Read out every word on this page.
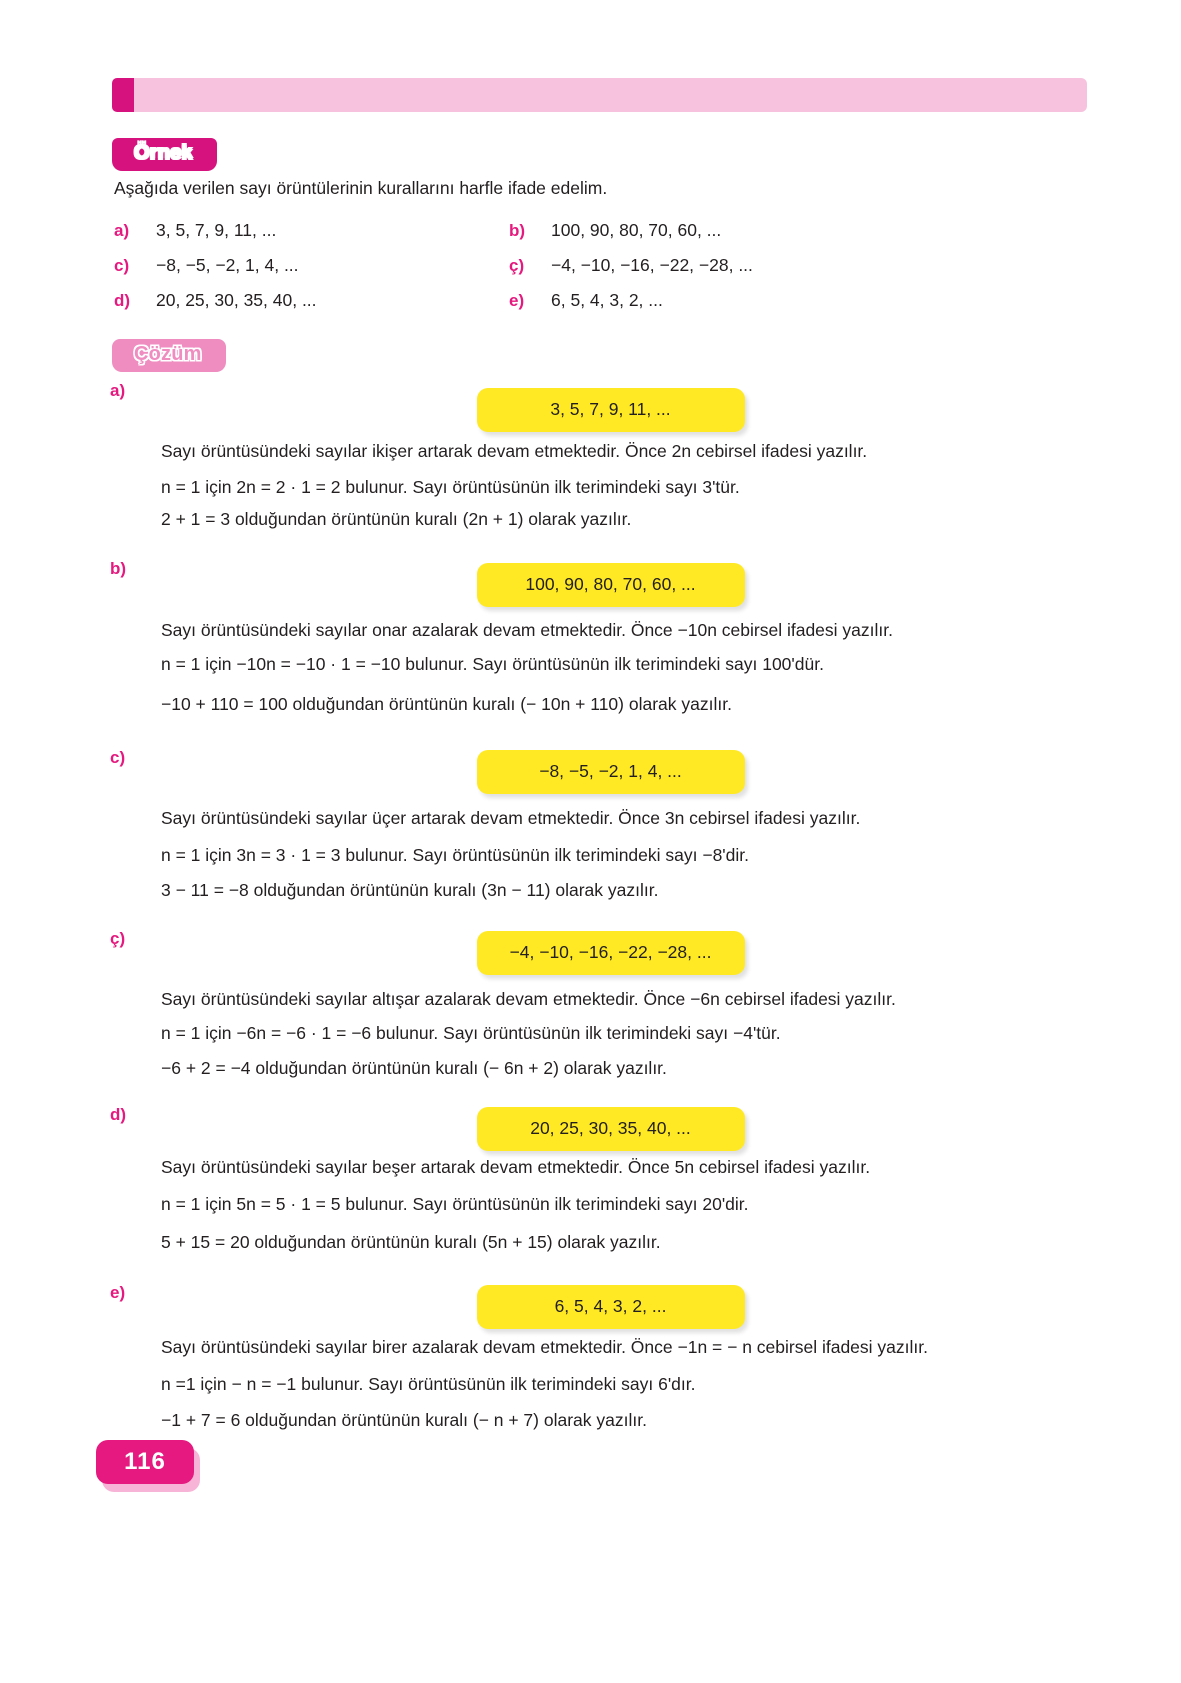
Örnek
Aşağıda verilen sayı örüntülerinin kurallarını harfle ifade edelim.
a)	3, 5, 7, 9, 11, ...	b)	100, 90, 80, 70, 60, ...
c)	−8, −5, −2, 1, 4, ...	ç)	−4, −10, −16, −22, −28, ...
d)	20, 25, 30, 35, 40, ...	e)	6, 5, 4, 3, 2, ...
Çözüm
a)
3, 5, 7, 9, 11, ...
Sayı örüntüsündeki sayılar ikişer artarak devam etmektedir. Önce 2n cebirsel ifadesi yazılır.
n = 1 için 2n = 2 · 1 = 2 bulunur. Sayı örüntüsünün ilk terimindeki sayı 3'tür.
2 + 1 = 3 olduğundan örüntünün kuralı (2n + 1) olarak yazılır.
b)
100, 90, 80, 70, 60, ...
Sayı örüntüsündeki sayılar onar azalarak devam etmektedir. Önce −10n cebirsel ifadesi yazılır.
n = 1 için −10n = −10 · 1 = −10 bulunur. Sayı örüntüsünün ilk terimindeki sayı 100'dür.
−10 + 110 = 100 olduğundan örüntünün kuralı (− 10n + 110) olarak yazılır.
c)
−8, −5, −2, 1, 4, ...
Sayı örüntüsündeki sayılar üçer artarak devam etmektedir. Önce 3n cebirsel ifadesi yazılır.
n = 1 için 3n = 3 · 1 = 3 bulunur. Sayı örüntüsünün ilk terimindeki sayı −8'dir.
3 − 11 = −8 olduğundan örüntünün kuralı (3n − 11) olarak yazılır.
ç)
−4, −10, −16, −22, −28, ...
Sayı örüntüsündeki sayılar altışar azalarak devam etmektedir. Önce −6n cebirsel ifadesi yazılır.
n = 1 için −6n = −6 · 1 = −6 bulunur. Sayı örüntüsünün ilk terimindeki sayı −4'tür.
−6 + 2 = −4 olduğundan örüntünün kuralı (− 6n + 2) olarak yazılır.
d)
20, 25, 30, 35, 40, ...
Sayı örüntüsündeki sayılar beşer artarak devam etmektedir. Önce 5n cebirsel ifadesi yazılır.
n = 1 için 5n = 5 · 1 = 5 bulunur. Sayı örüntüsünün ilk terimindeki sayı 20'dir.
5 + 15 = 20 olduğundan örüntünün kuralı (5n + 15) olarak yazılır.
e)
6, 5, 4, 3, 2, ...
Sayı örüntüsündeki sayılar birer azalarak devam etmektedir. Önce −1n = − n cebirsel ifadesi yazılır.
n =1 için − n = −1 bulunur. Sayı örüntüsünün ilk terimindeki sayı 6'dır.
−1 + 7 = 6 olduğundan örüntünün kuralı (− n + 7) olarak yazılır.
116
